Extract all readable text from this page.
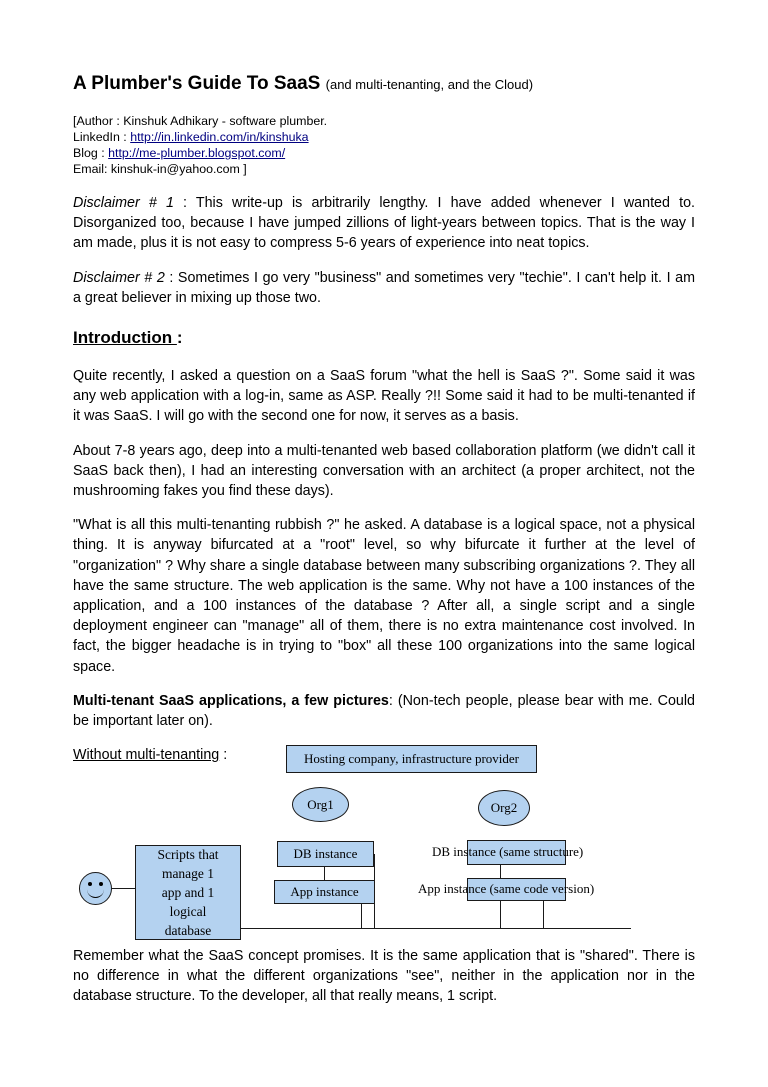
A Plumber's Guide To SaaS (and multi-tenanting, and the Cloud)
[Author : Kinshuk Adhikary - software plumber.
LinkedIn : http://in.linkedin.com/in/kinshuka
Blog : http://me-plumber.blogspot.com/
Email: kinshuk-in@yahoo.com ]

Disclaimer # 1 : This write-up is arbitrarily lengthy. I have added whenever I wanted to. Disorganized too, because I have jumped zillions of light-years between topics. That is the way I am made, plus it is not easy to compress 5-6 years of experience into neat topics.

Disclaimer # 2 : Sometimes I go very "business" and sometimes very "techie". I can't help it. I am a great believer in mixing up those two.

Introduction :

Quite recently, I asked a question on a SaaS forum "what the hell is SaaS ?". Some said it was any web application with a log-in, same as ASP. Really ?!! Some said it had to be multi-tenanted if it was SaaS. I will go with the second one for now, it serves as a basis.

About 7-8 years ago, deep into a multi-tenanted web based collaboration platform (we didn't call it SaaS back then), I had an interesting conversation with an architect (a proper architect, not the mushrooming fakes you find these days).

"What is all this multi-tenanting rubbish ?" he asked. A database is a logical space, not a physical thing. It is anyway bifurcated at a "root" level, so why bifurcate it further at the level of "organization" ? Why share a single database between many subscribing organizations ?. They all have the same structure. The web application is the same. Why not have a 100 instances of the application, and a 100 instances of the database ? After all, a single script and a single deployment engineer can "manage" all of them, there is no extra maintenance cost involved. In fact, the bigger headache is in trying to "box" all these 100 organizations into the same logical space.

Multi-tenant SaaS applications, a few pictures: (Non-tech people, please bear with me. Could be important later on).

Without multi-tenanting :	Hosting company, infrastructure provider
Org1	Org2
DB instance
App instance
DB instance (same structure)
App instance (same code version)
Scripts that
manage 1
app and 1
logical
database

Remember what the SaaS concept promises. It is the same application that is "shared". There is no difference in what the different organizations "see", neither in the application nor in the database structure. To the developer, all that really means, 1 script.
